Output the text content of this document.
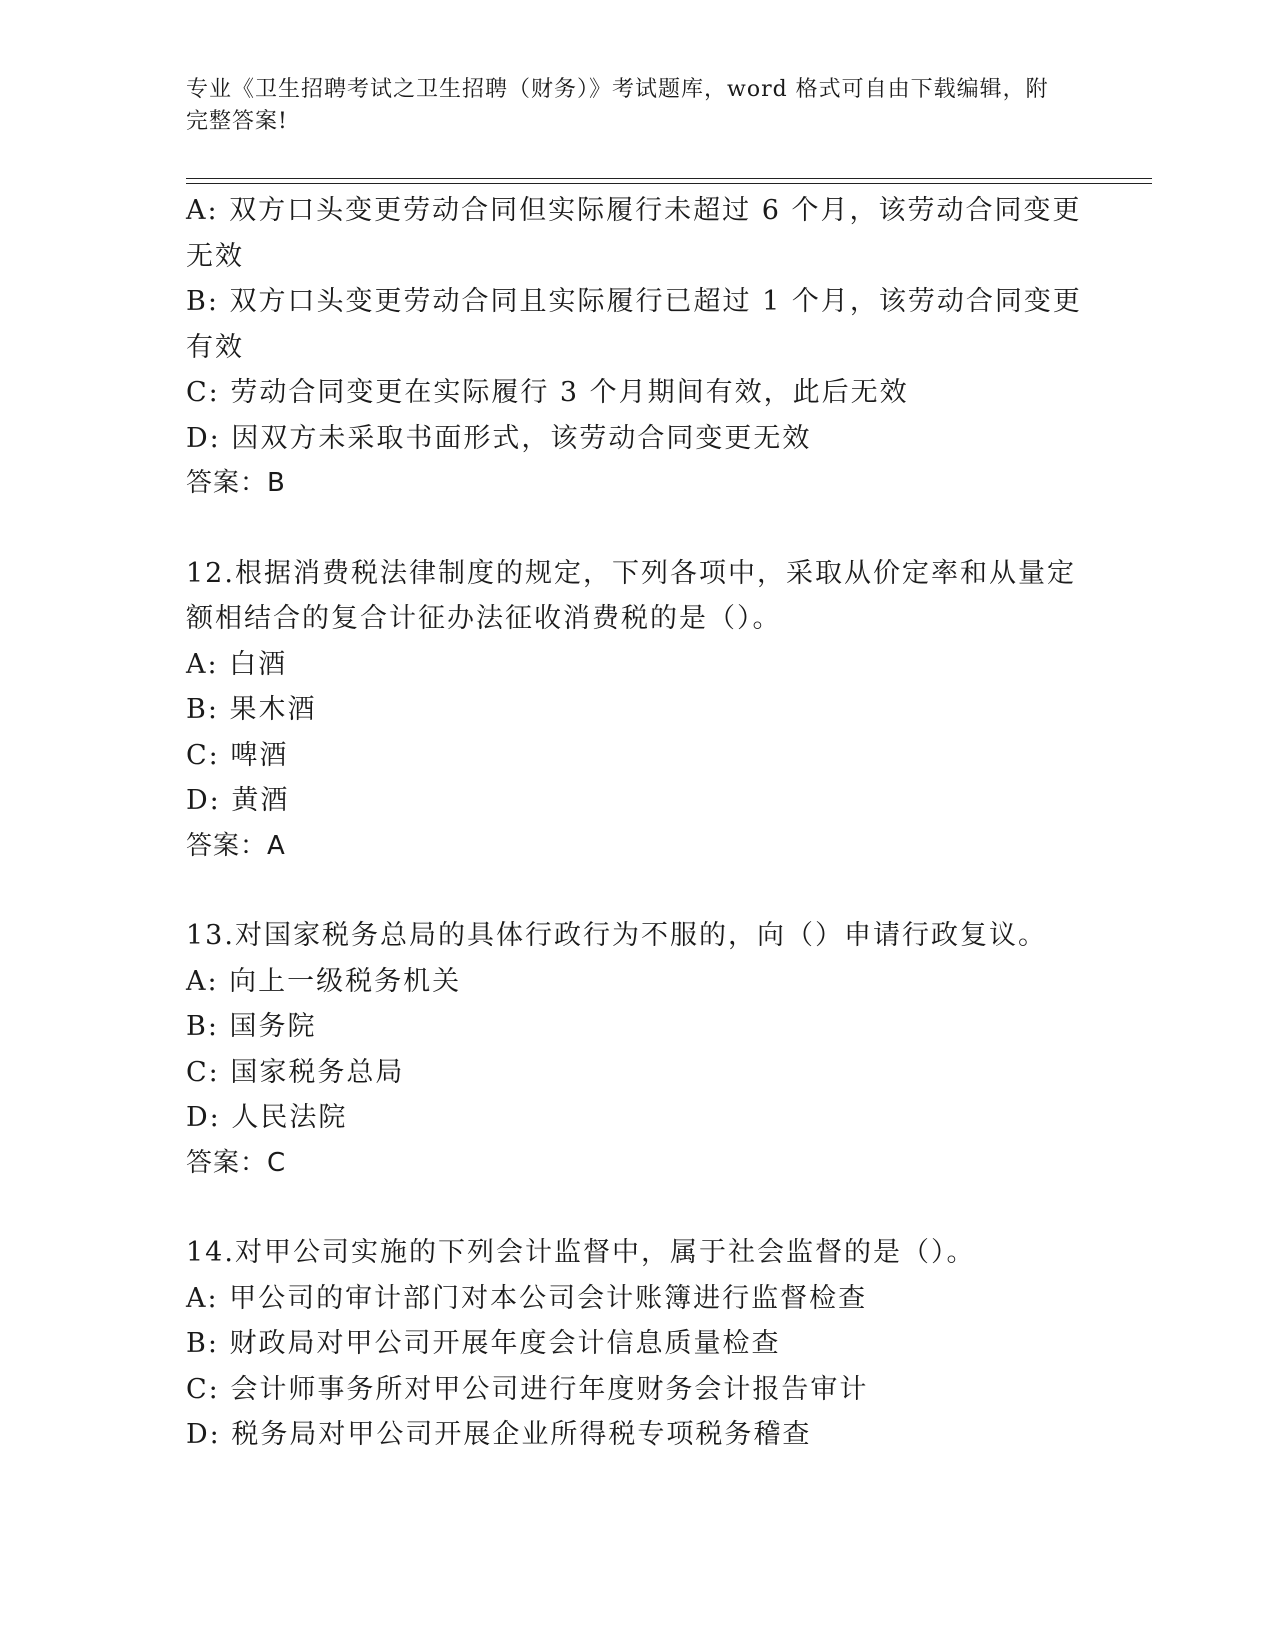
专业《卫生招聘考试之卫生招聘（财务）》考试题库，word 格式可自由下载编辑，附完整答案!

A: 双方口头变更劳动合同但实际履行未超过 6 个月，该劳动合同变更无效

B: 双方口头变更劳动合同且实际履行已超过 1 个月，该劳动合同变更有效

C: 劳动合同变更在实际履行 3 个月期间有效，此后无效

D: 因双方未采取书面形式，该劳动合同变更无效

答案：B

12.根据消费税法律制度的规定，下列各项中，采取从价定率和从量定额相结合的复合计征办法征收消费税的是（）。

A: 白酒

B: 果木酒

C: 啤酒

D: 黄酒

答案：A

13.对国家税务总局的具体行政行为不服的，向（）申请行政复议。

A: 向上一级税务机关

B: 国务院

C: 国家税务总局

D: 人民法院

答案：C

14.对甲公司实施的下列会计监督中，属于社会监督的是（）。

A: 甲公司的审计部门对本公司会计账簿进行监督检查

B: 财政局对甲公司开展年度会计信息质量检查

C: 会计师事务所对甲公司进行年度财务会计报告审计

D: 税务局对甲公司开展企业所得税专项税务稽查
